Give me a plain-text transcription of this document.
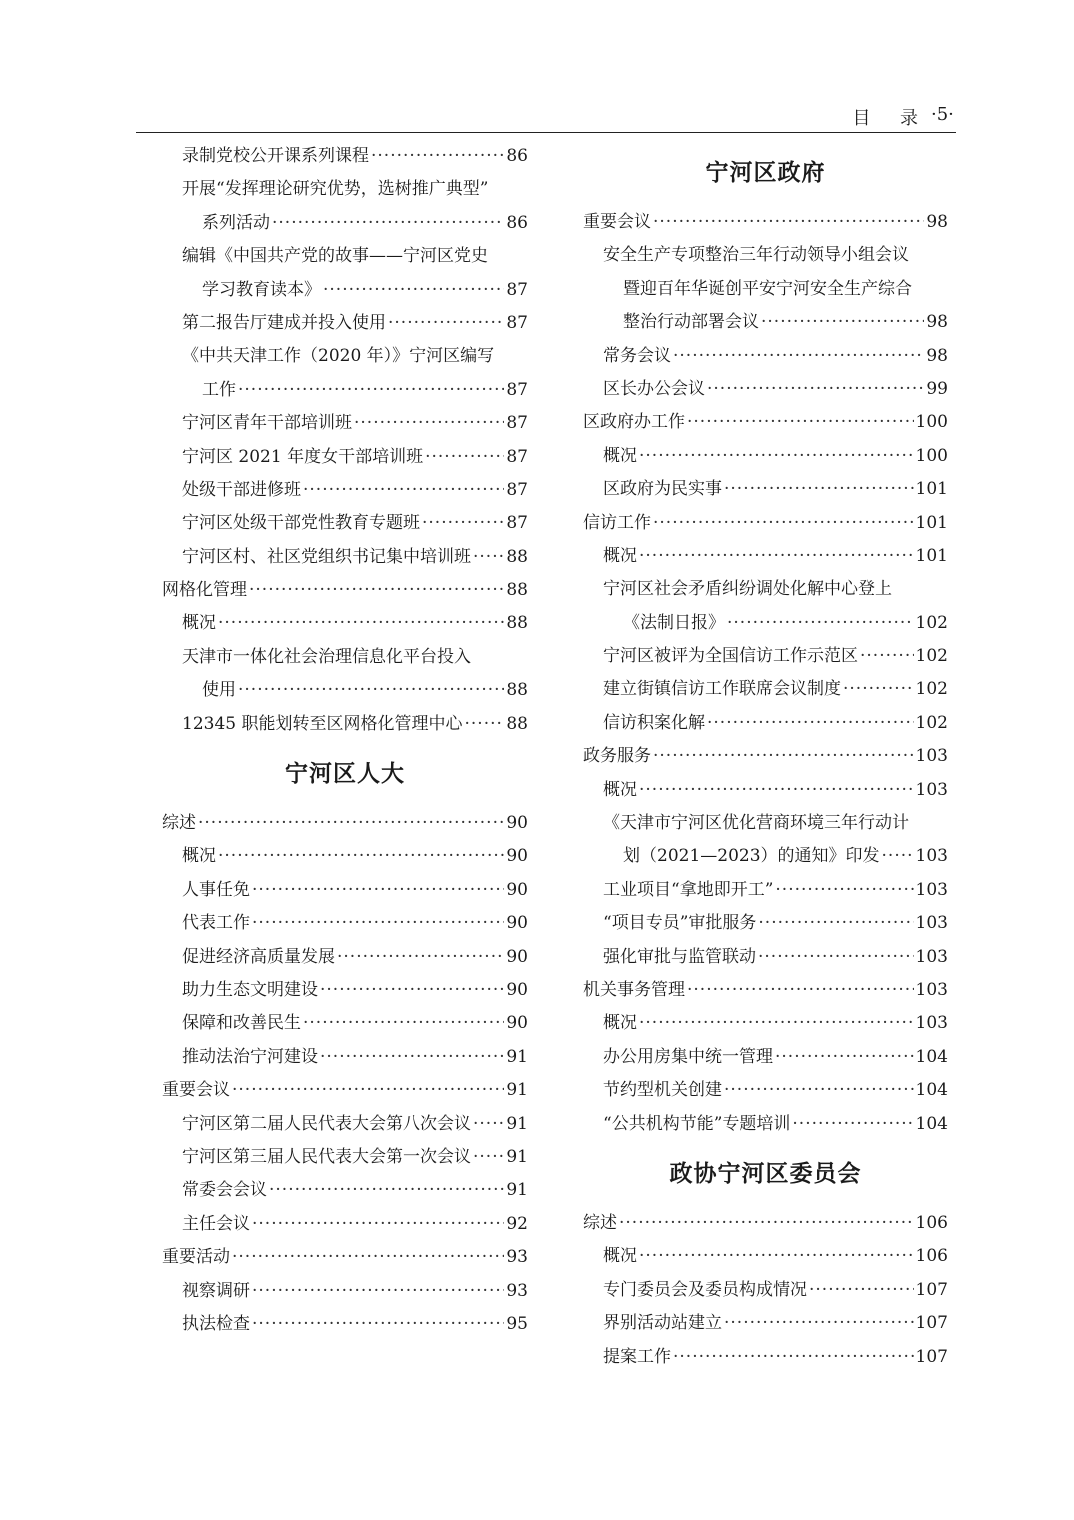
目  录 ·5·
录制党校公开课系列课程 ·····	86
开展“发挥理论研究优势，选树推广典型”
系列活动 ·····	86
编辑《中国共产党的故事——宁河区党史
学习教育读本》 ·····	87
第二报告厅建成并投入使用 ·····	87
《中共天津工作（2020 年）》宁河区编写
工作 ·····	87
宁河区青年干部培训班 ·····	87
宁河区 2021 年度女干部培训班 ·····	87
处级干部进修班 ·····	87
宁河区处级干部党性教育专题班 ·····	87
宁河区村、社区党组织书记集中培训班 ····· 88
网格化管理 ·····	88
概况 ·····	88
天津市一体化社会治理信息化平台投入
使用 ·····	88
12345 职能划转至区网格化管理中心 ·····	88
宁河区人大
综述 ·····	90
概况 ·····	90
人事任免 ·····	90
代表工作 ·····	90
促进经济高质量发展 ·····	90
助力生态文明建设 ·····	90
保障和改善民生 ·····	90
推动法治宁河建设 ·····	91
重要会议 ·····	91
宁河区第二届人民代表大会第八次会议 ····· 91
宁河区第三届人民代表大会第一次会议 ····· 91
常委会会议 ·····	91
主任会议 ·····	92
重要活动 ·····	93
视察调研 ·····	93
执法检查 ·····	95
宁河区政府
重要会议 ·····	98
安全生产专项整治三年行动领导小组会议
暨迎百年华诞创平安宁河安全生产综合
整治行动部署会议 ·····	98
常务会议 ·····	98
区长办公会议 ·····	99
区政府办工作 ·····	100
概况 ·····	100
区政府为民实事 ·····	101
信访工作 ·····	101
概况 ·····	101
宁河区社会矛盾纠纷调处化解中心登上
《法制日报》 ·····	102
宁河区被评为全国信访工作示范区 ·····	102
建立街镇信访工作联席会议制度 ·····	102
信访积案化解 ·····	102
政务服务 ·····	103
概况 ·····	103
《天津市宁河区优化营商环境三年行动计
划（2021—2023）的通知》印发 ····· 103
工业项目“拿地即开工” ·····	103
“项目专员”审批服务 ·····	103
强化审批与监管联动 ·····	103
机关事务管理 ·····	103
概况 ·····	103
办公用房集中统一管理 ·····	104
节约型机关创建 ·····	104
“公共机构节能”专题培训 ·····	104
政协宁河区委员会
综述 ·····	106
概况 ·····	106
专门委员会及委员构成情况 ·····	107
界别活动站建立 ·····	107
提案工作 ·····	107
